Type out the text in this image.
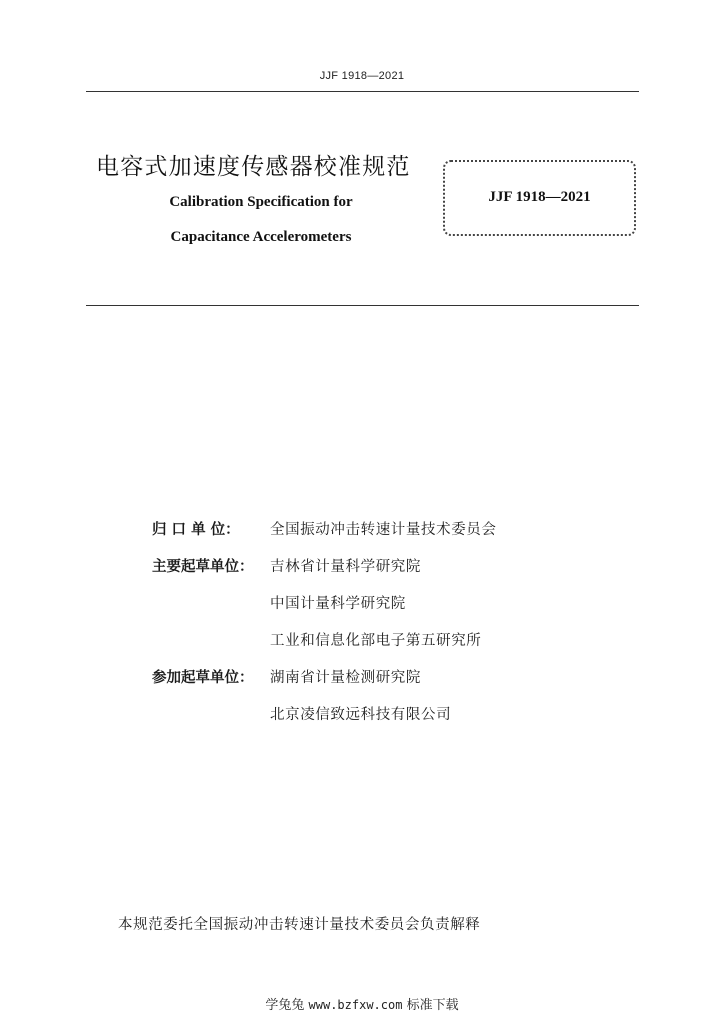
JJF 1918—2021
电容式加速度传感器校准规范
Calibration Specification for
Capacitance Accelerometers
JJF 1918—2021
归 口 单 位：	全国振动冲击转速计量技术委员会
主要起草单位：	吉林省计量科学研究院
中国计量科学研究院
工业和信息化部电子第五研究所
参加起草单位：	湖南省计量检测研究院
北京凌信致远科技有限公司
本规范委托全国振动冲击转速计量技术委员会负责解释
学兔兔 www.bzfxw.com 标准下载
